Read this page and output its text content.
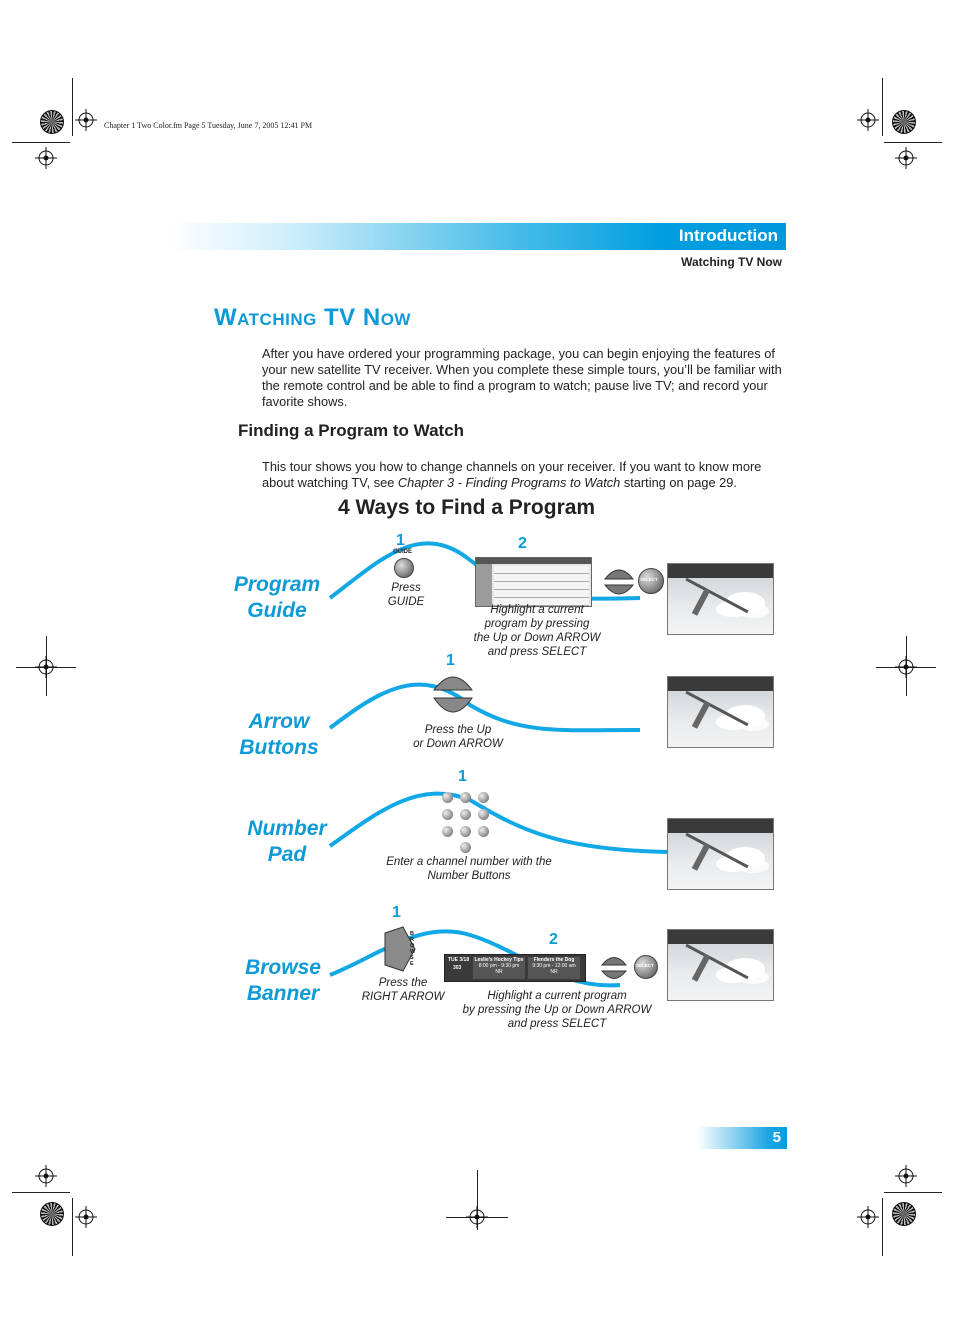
Chapter 1 Two Color.fm Page 5 Tuesday, June 7, 2005 12:41 PM
Introduction
Watching TV Now
WATCHING TV NOW
After you have ordered your programming package, you can begin enjoying the features of your new satellite TV receiver. When you complete these simple tours, you’ll be familiar with the remote control and be able to find a program to watch; pause live TV; and record your favorite shows.
Finding a Program to Watch
This tour shows you how to change channels on your receiver. If you want to know more about watching TV, see Chapter 3 - Finding Programs to Watch starting on page 29.
4 Ways to Find a Program
Program
Guide
Arrow
Buttons
Number
Pad
Browse
Banner
1
GUIDE
Press
GUIDE
2
Highlight a current
program by pressing
the Up or Down ARROW
and press SELECT
SELECT
1
Press the Up
or Down ARROW
1
Enter a channel number with the
Number Buttons
1
BROWSE
Press the
RIGHT ARROW
2
TUE 3/18
303
Leslie's Hockey Tips
8:00 pm - 9:30 pm
NR
Flenders the Dog
9:30 pm - 12:00 am
NR
SELECT
Highlight a current program
by pressing the Up or Down ARROW
and press SELECT
5
